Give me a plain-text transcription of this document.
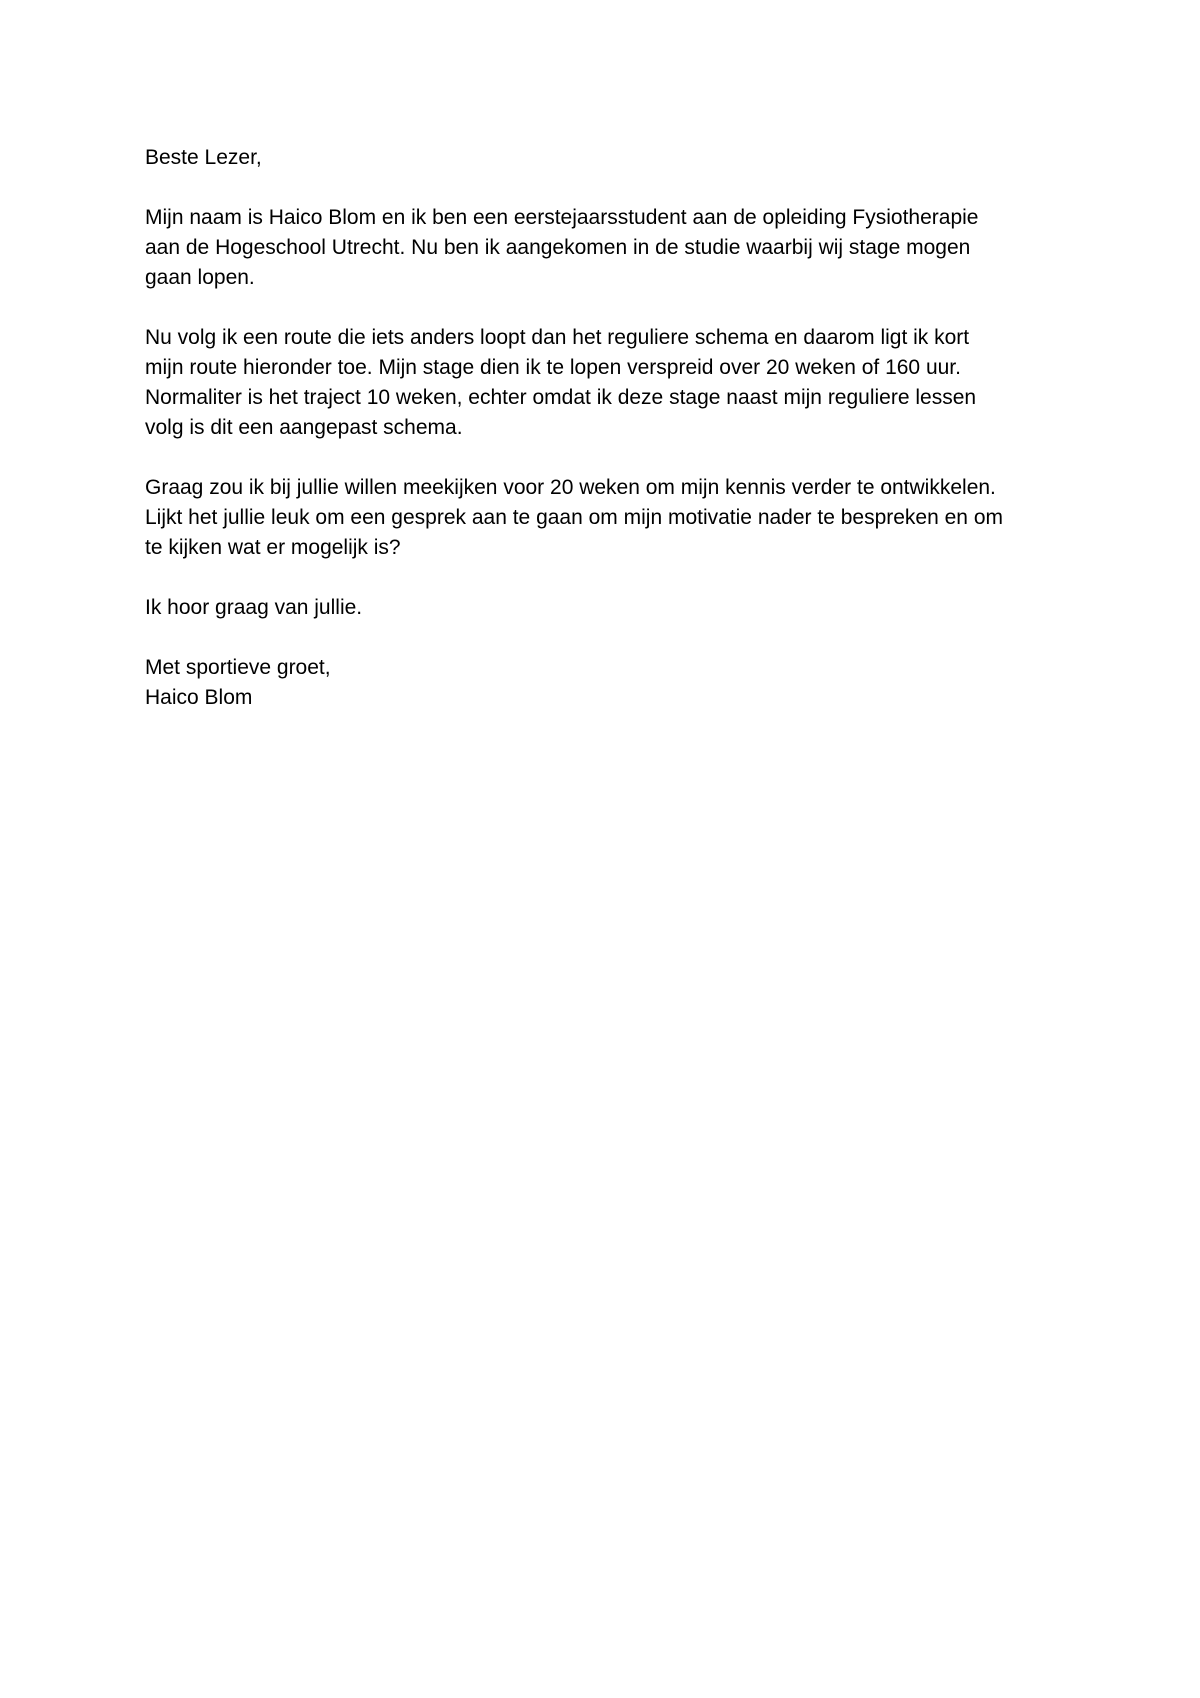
Beste Lezer,

Mijn naam is Haico Blom en ik ben een eerstejaarsstudent aan de opleiding Fysiotherapie
aan de Hogeschool Utrecht. Nu ben ik aangekomen in de studie waarbij wij stage mogen
gaan lopen.

Nu volg ik een route die iets anders loopt dan het reguliere schema en daarom ligt ik kort
mijn route hieronder toe. Mijn stage dien ik te lopen verspreid over 20 weken of 160 uur.
Normaliter is het traject 10 weken, echter omdat ik deze stage naast mijn reguliere lessen
volg is dit een aangepast schema.

Graag zou ik bij jullie willen meekijken voor 20 weken om mijn kennis verder te ontwikkelen.
Lijkt het jullie leuk om een gesprek aan te gaan om mijn motivatie nader te bespreken en om
te kijken wat er mogelijk is?

Ik hoor graag van jullie.

Met sportieve groet,
Haico Blom
